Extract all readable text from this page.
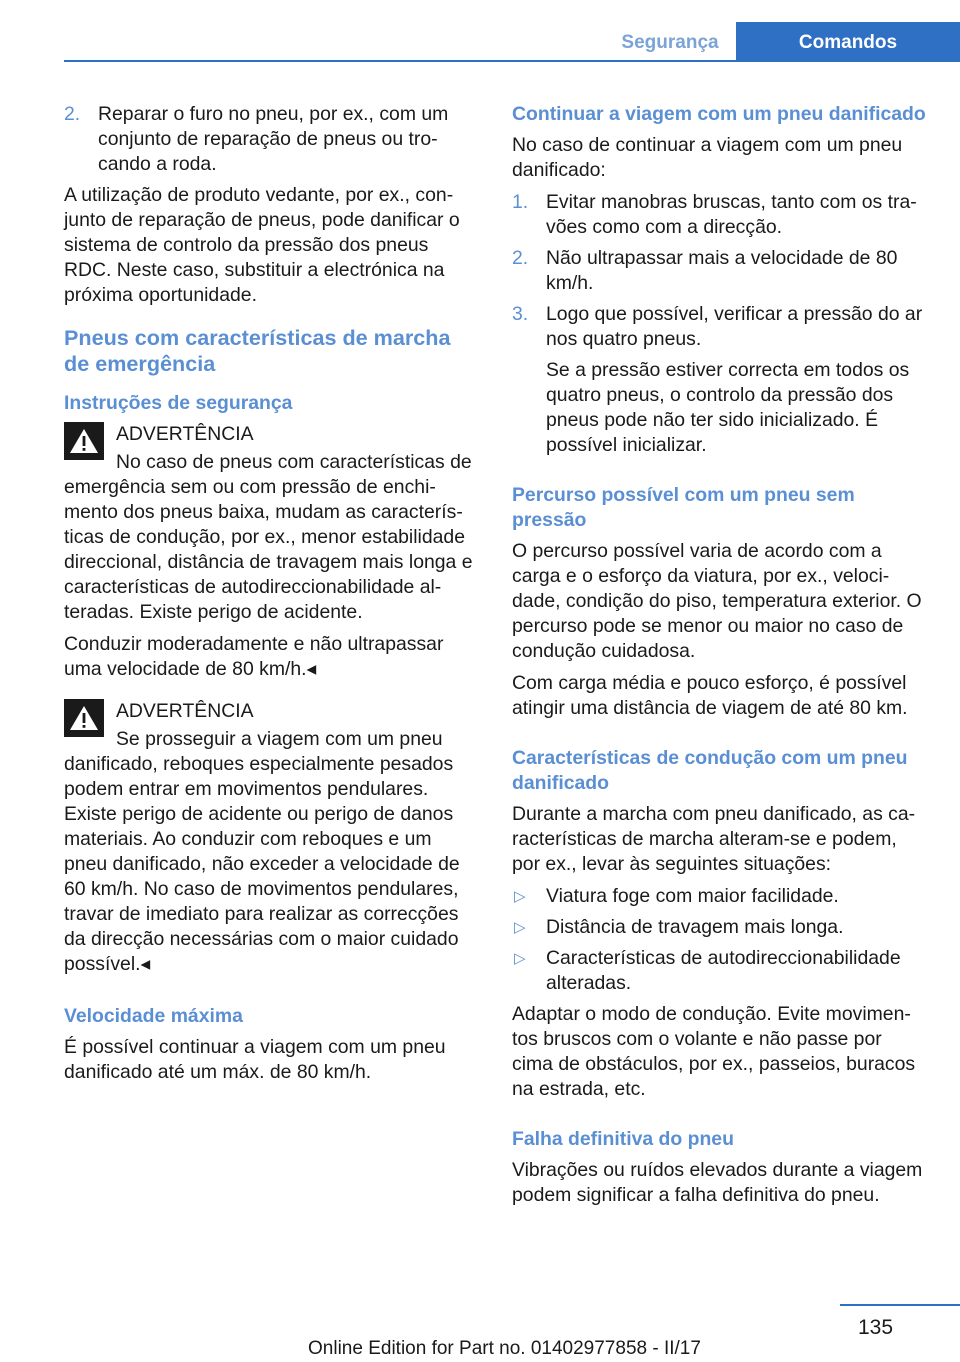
Segurança	Comandos
2. Reparar o furo no pneu, por ex., com um conjunto de reparação de pneus ou trocando a roda.

A utilização de produto vedante, por ex., conjunto de reparação de pneus, pode danificar o sistema de controlo da pressão dos pneus RDC. Neste caso, substituir a electrónica na próxima oportunidade.

Pneus com características de marcha de emergência
Instruções de segurança
ADVERTÊNCIA
No caso de pneus com características de emergência sem ou com pressão de enchimento dos pneus baixa, mudam as características de condução, por ex., menor estabilidade direccional, distância de travagem mais longa e características de autodireccionabilidade alteradas. Existe perigo de acidente.

Conduzir moderadamente e não ultrapassar uma velocidade de 80 km/h.◂

ADVERTÊNCIA
Se prosseguir a viagem com um pneu danificado, reboques especialmente pesados podem entrar em movimentos pendulares. Existe perigo de acidente ou perigo de danos materiais. Ao conduzir com reboques e um pneu danificado, não exceder a velocidade de 60 km/h. No caso de movimentos pendulares, travar de imediato para realizar as correcções da direcção necessárias com o maior cuidado possível.◂
Velocidade máxima

É possível continuar a viagem com um pneu danificado até um máx. de 80 km/h.

Continuar a viagem com um pneu danificado

No caso de continuar a viagem com um pneu danificado:

1. Evitar manobras bruscas, tanto com os travões como com a direcção.
2. Não ultrapassar mais a velocidade de 80 km/h.
3. Logo que possível, verificar a pressão do ar nos quatro pneus.

Se a pressão estiver correcta em todos os quatro pneus, o controlo da pressão dos pneus pode não ter sido inicializado. É possível inicializar.

Percurso possível com um pneu sem pressão

O percurso possível varia de acordo com a carga e o esforço da viatura, por ex., velocidade, condição do piso, temperatura exterior. O percurso pode se menor ou maior no caso de condução cuidadosa.

Com carga média e pouco esforço, é possível atingir uma distância de viagem de até 80 km.

Características de condução com um pneu danificado

Durante a marcha com pneu danificado, as características de marcha alteram-se e podem, por ex., levar às seguintes situações:

▷ Viatura foge com maior facilidade.
▷ Distância de travagem mais longa.
▷ Características de autodireccionabilidade alteradas.

Adaptar o modo de condução. Evite movimentos bruscos com o volante e não passe por cima de obstáculos, por ex., passeios, buracos na estrada, etc.

Falha definitiva do pneu

Vibrações ou ruídos elevados durante a viagem podem significar a falha definitiva do pneu.

135
Online Edition for Part no. 01402977858 - II/17
